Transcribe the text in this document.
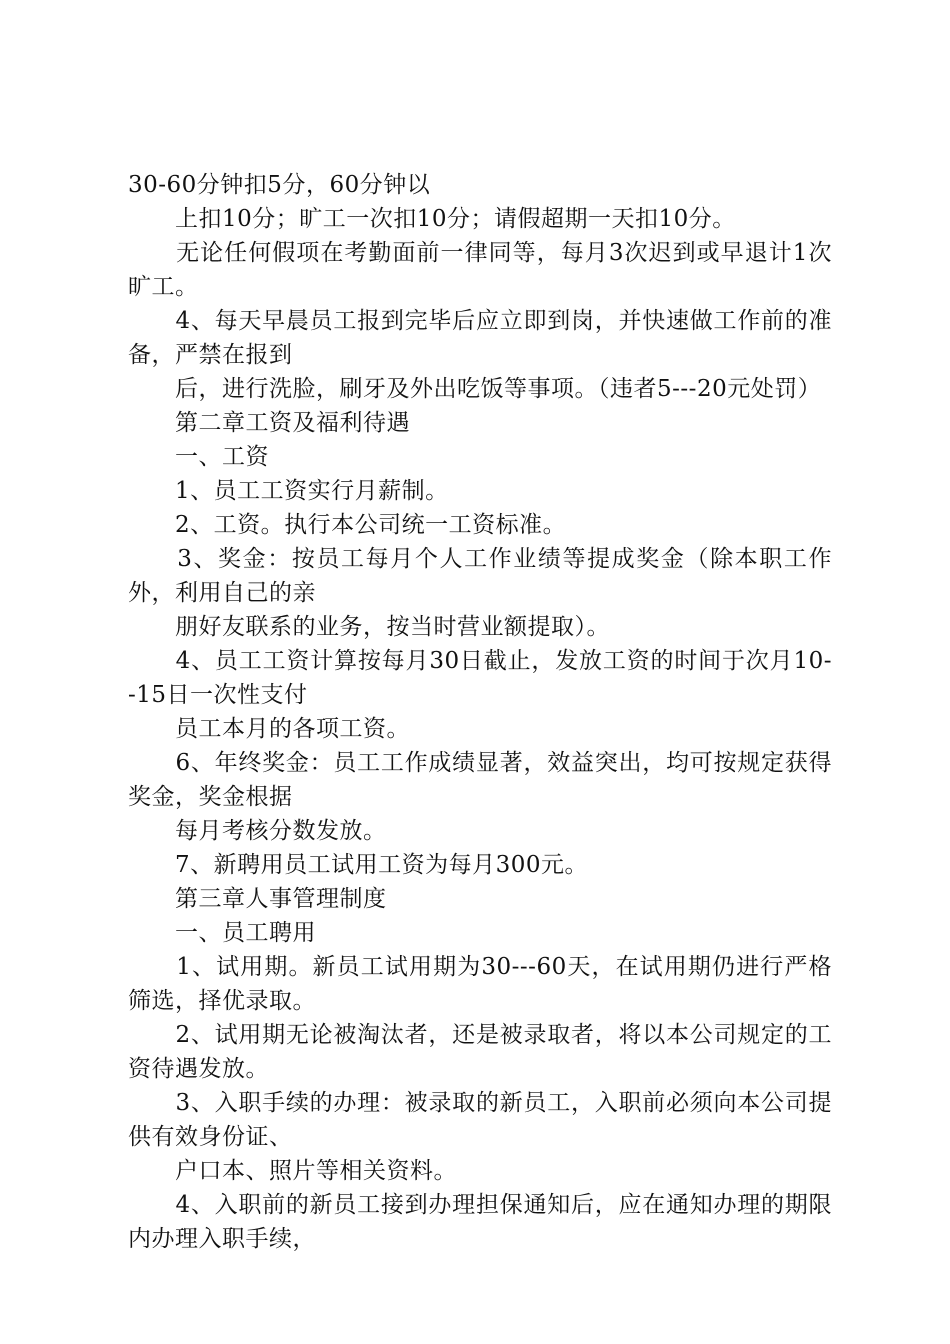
30-60分钟扣5分，60分钟以

　　上扣10分；旷工一次扣10分；请假超期一天扣10分。

　　无论任何假项在考勤面前一律同等，每月3次迟到或早退计1次旷工。

　　4、每天早晨员工报到完毕后应立即到岗，并快速做工作前的准备，严禁在报到

　　后，进行洗脸，刷牙及外出吃饭等事项。（违者5---20元处罚）

　　第二章工资及福利待遇

　　一、工资

　　1、员工工资实行月薪制。

　　2、工资。执行本公司统一工资标准。

　　3、奖金：按员工每月个人工作业绩等提成奖金（除本职工作外，利用自己的亲

　　朋好友联系的业务，按当时营业额提取）。

　　4、员工工资计算按每月30日截止，发放工资的时间于次月10--15日一次性支付

　　员工本月的各项工资。

　　6、年终奖金：员工工作成绩显著，效益突出，均可按规定获得奖金，奖金根据

　　每月考核分数发放。

　　7、新聘用员工试用工资为每月300元。

　　第三章人事管理制度

　　一、员工聘用

　　1、试用期。新员工试用期为30---60天，在试用期仍进行严格筛选，择优录取。

　　2、试用期无论被淘汰者，还是被录取者，将以本公司规定的工资待遇发放。

　　3、入职手续的办理：被录取的新员工，入职前必须向本公司提供有效身份证、

　　户口本、照片等相关资料。

　　4、入职前的新员工接到办理担保通知后，应在通知办理的期限内办理入职手续，
